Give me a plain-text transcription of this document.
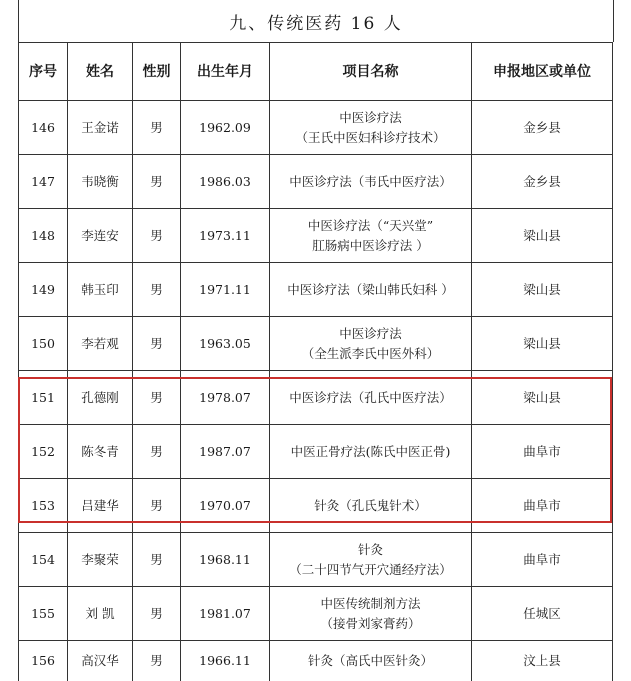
九、传统医药 16 人
序号	姓名	性别	出生年月	项目名称	申报地区或单位
146	王金诺	男	1962.09	中医诊疗法
（王氏中医妇科诊疗技术）	金乡县
147	韦晓衡	男	1986.03	中医诊疗法（韦氏中医疗法）	金乡县
148	李连安	男	1973.11	中医诊疗法（“天兴堂”
肛肠病中医诊疗法 ）	梁山县
149	韩玉印	男	1971.11	中医诊疗法（梁山韩氏妇科 ）	梁山县
150	李若观	男	1963.05	中医诊疗法
（全生派李氏中医外科）	梁山县
151	孔德刚	男	1978.07	中医诊疗法（孔氏中医疗法）	梁山县
152	陈冬青	男	1987.07	中医正骨疗法(陈氏中医正骨)	曲阜市
153	吕建华	男	1970.07	针灸（孔氏鬼针术）	曲阜市
154	李聚荣	男	1968.11	针灸
（二十四节气开穴通经疗法）	曲阜市
155	刘 凯	男	1981.07	中医传统制剂方法
（接骨刘家膏药）	任城区
156	高汉华	男	1966.11	针灸（高氏中医针灸）	汶上县
